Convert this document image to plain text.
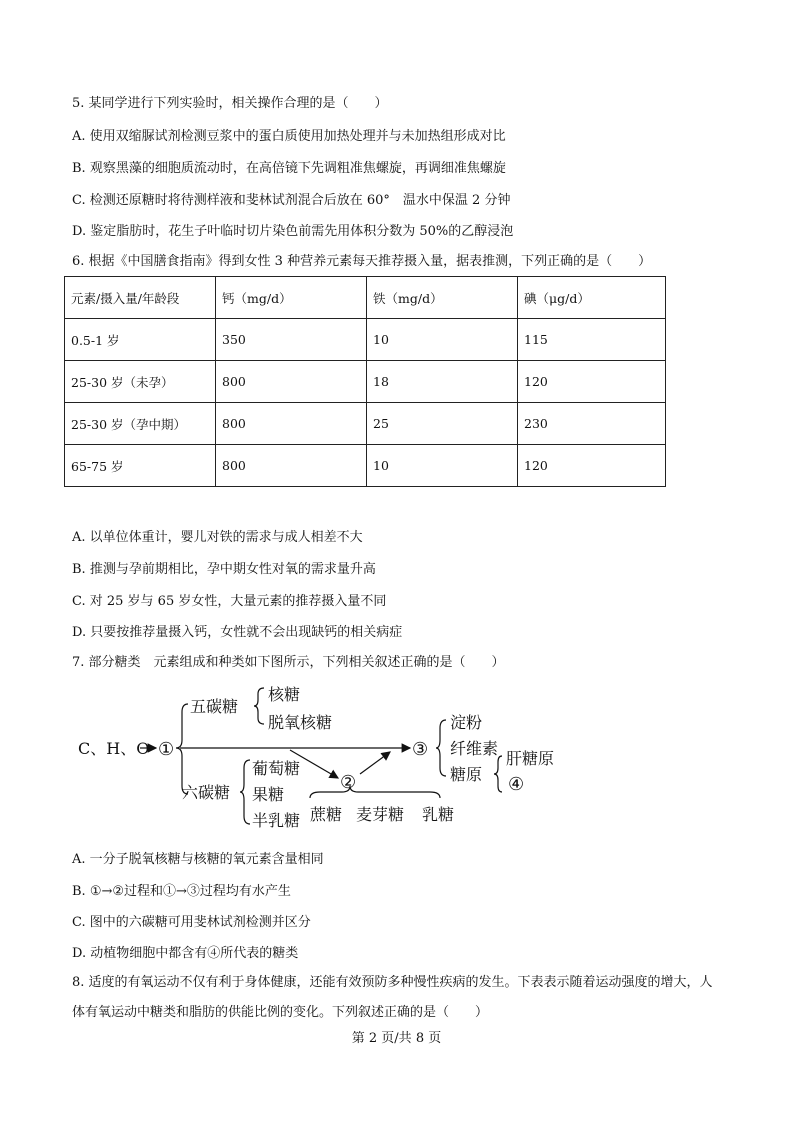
5. 某同学进行下列实验时，相关操作合理的是（　　）
A. 使用双缩脲试剂检测豆浆中的蛋白质使用加热处理并与未加热组形成对比
B. 观察黑藻的细胞质流动时，在高倍镜下先调粗准焦螺旋，再调细准焦螺旋
C. 检测还原糖时将待测样液和斐林试剂混合后放在 60°　温水中保温 2 分钟
D. 鉴定脂肪时，花生子叶临时切片染色前需先用体积分数为 50%的乙醇浸泡
6. 根据《中国膳食指南》得到女性 3 种营养元素每天推荐摄入量，据表推测，下列正确的是（　　）
元素/摄入量/年龄段	钙（mg/d）	铁（mg/d）	碘（μg/d）
0.5-1 岁	350	10	115
25-30 岁（未孕）	800	18	120
25-30 岁（孕中期）	800	25	230
65-75 岁	800	10	120
A. 以单位体重计，婴儿对铁的需求与成人相差不大
B. 推测与孕前期相比，孕中期女性对氧的需求量升高
C. 对 25 岁与 65 岁女性，大量元素的推荐摄入量不同
D. 只要按推荐量摄入钙，女性就不会出现缺钙的相关病症
7. 部分糖类　元素组成和种类如下图所示，下列相关叙述正确的是（　　）
C、H、O ①
五碳糖
核糖
脱氧核糖
②
六碳糖
葡萄糖
果糖
半乳糖 蔗糖 麦芽糖 乳糖
③
淀粉
纤维素
糖原
肝糖原
④
A. 一分子脱氧核糖与核糖的氧元素含量相同
B. ①→②过程和①→③过程均有水产生
C. 图中的六碳糖可用斐林试剂检测并区分
D. 动植物细胞中都含有④所代表的糖类
8. 适度的有氧运动不仅有利于身体健康，还能有效预防多种慢性疾病的发生。下表表示随着运动强度的增大，人体有氧运动中糖类和脂肪的供能比例的变化。下列叙述正确的是（　　）
第 2 页/共 8 页
